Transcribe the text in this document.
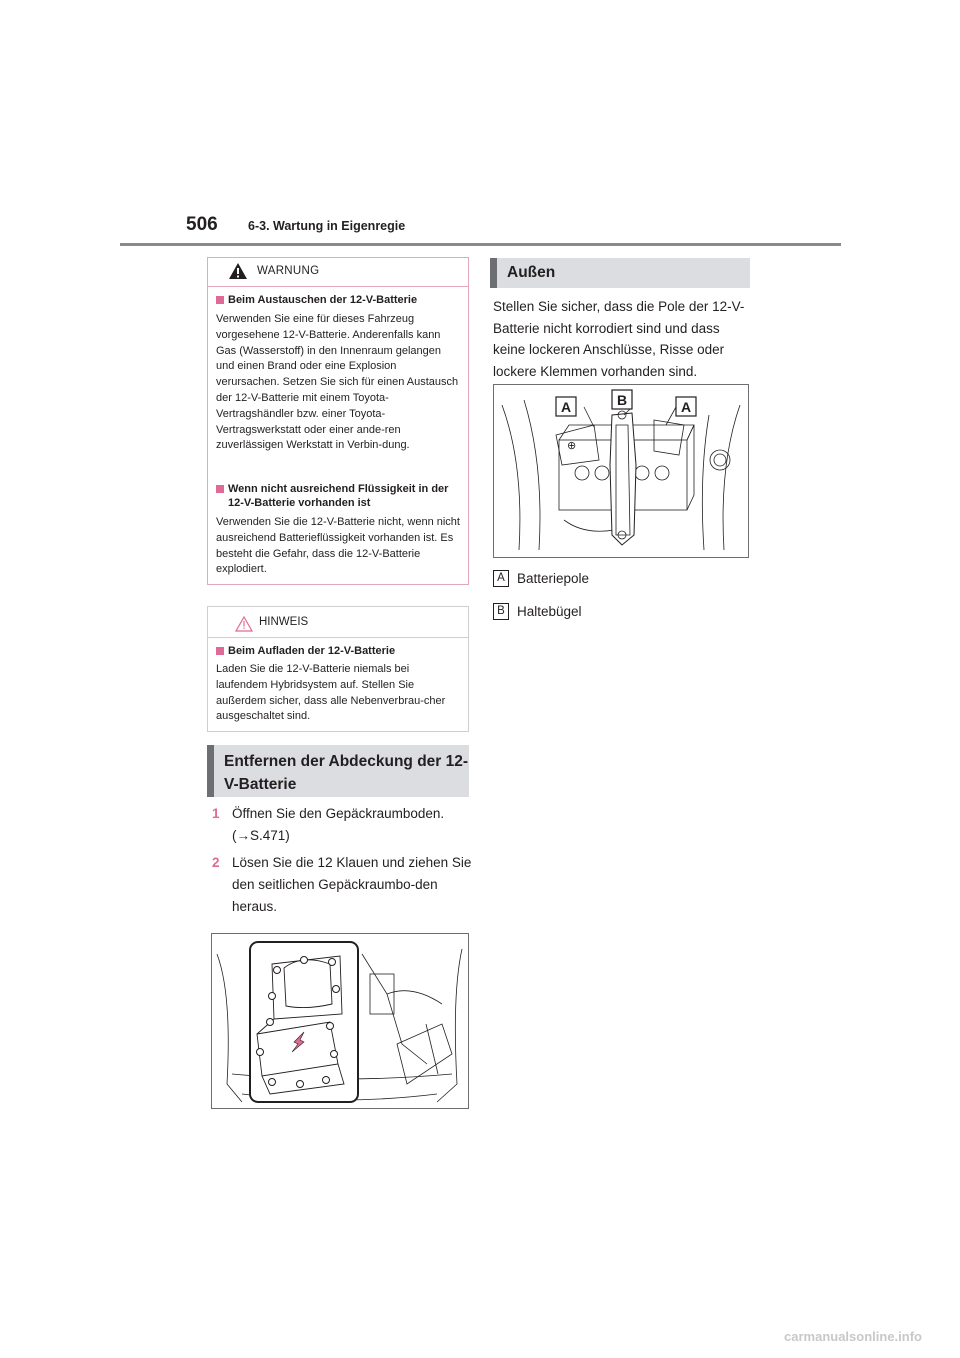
506 6-3. Wartung in Eigenregie
WARNUNG
Beim Austauschen der 12-V-Batterie
Verwenden Sie eine für dieses Fahrzeug vorgesehene 12-V-Batterie. Anderenfalls kann Gas (Wasserstoff) in den Innenraum gelangen und einen Brand oder eine Explosion verursachen. Setzen Sie sich für einen Austausch der 12-V-Batterie mit einem Toyota-Vertragshändler bzw. einer Toyota-Vertragswerkstatt oder einer ande-ren zuverlässigen Werkstatt in Verbin-dung.
Wenn nicht ausreichend Flüssigkeit in der 12-V-Batterie vorhanden ist
Verwenden Sie die 12-V-Batterie nicht, wenn nicht ausreichend Batterieflüssigkeit vorhanden ist. Es besteht die Gefahr, dass die 12-V-Batterie explodiert.
HINWEIS
Beim Aufladen der 12-V-Batterie
Laden Sie die 12-V-Batterie niemals bei laufendem Hybridsystem auf. Stellen Sie außerdem sicher, dass alle Nebenverbrau-cher ausgeschaltet sind.
Entfernen der Abdeckung der 12-V-Batterie
1 Öffnen Sie den Gepäckraumboden. (→S.471)
2 Lösen Sie die 12 Klauen und ziehen Sie den seitlichen Gepäckraumbo-den heraus.
Außen
Stellen Sie sicher, dass die Pole der 12-V-Batterie nicht korrodiert sind und dass keine lockeren Anschlüsse, Risse oder lockere Klemmen vorhanden sind.
⊕
A	B	A
A Batteriepole
B Haltebügel
carmanualsonline.info
